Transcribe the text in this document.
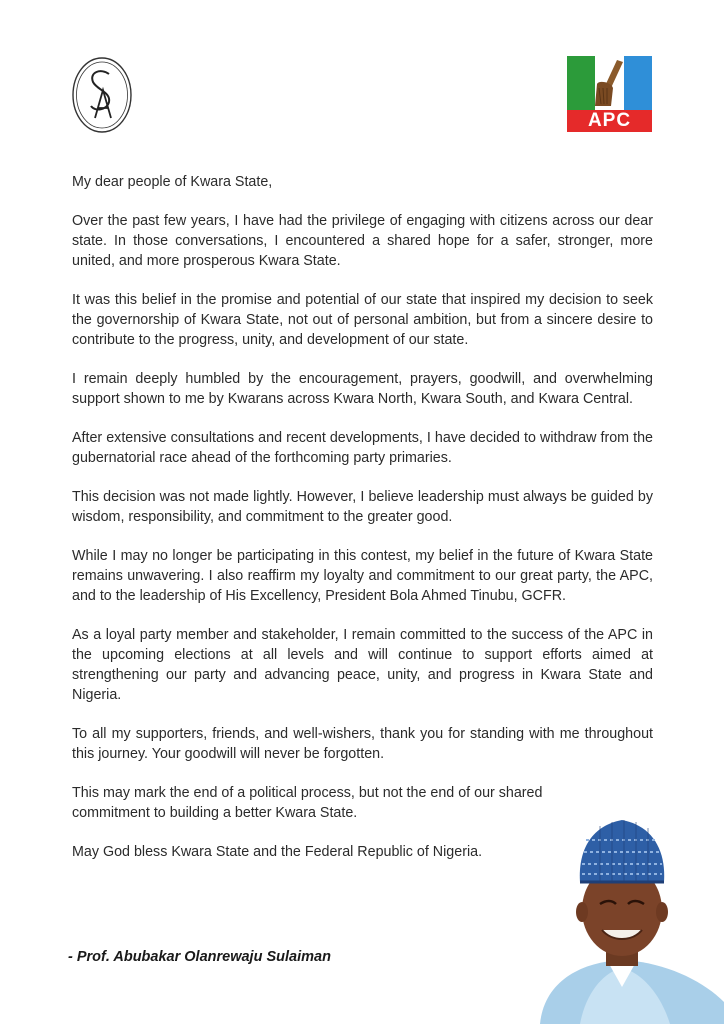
APC

My dear people of Kwara State,

Over the past few years, I have had the privilege of engaging with citizens across our dear state. In those conversations, I encountered a shared hope for a safer, stronger, more united, and more prosperous Kwara State.

It was this belief in the promise and potential of our state that inspired my decision to seek the governorship of Kwara State, not out of personal ambition, but from a sincere desire to contribute to the progress, unity, and development of our state.

I remain deeply humbled by the encouragement, prayers, goodwill, and overwhelming support shown to me by Kwarans across Kwara North, Kwara South, and Kwara Central.

After extensive consultations and recent developments, I have decided to withdraw from the gubernatorial race ahead of the forthcoming party primaries.

This decision was not made lightly. However, I believe leadership must always be guided by wisdom, responsibility, and commitment to the greater good.

While I may no longer be participating in this contest, my belief in the future of Kwara State remains unwavering. I also reaffirm my loyalty and commitment to our great party, the APC, and to the leadership of His Excellency, President Bola Ahmed Tinubu, GCFR.

As a loyal party member and stakeholder, I remain committed to the success of the APC in the upcoming elections at all levels and will continue to support efforts aimed at strengthening our party and advancing peace, unity, and progress in Kwara State and Nigeria.

To all my supporters, friends, and well-wishers, thank you for standing with me throughout this journey. Your goodwill will never be forgotten.

This may mark the end of a political process, but not the end of our shared commitment to building a better Kwara State.

May God bless Kwara State and the Federal Republic of Nigeria.

- Prof. Abubakar Olanrewaju Sulaiman
